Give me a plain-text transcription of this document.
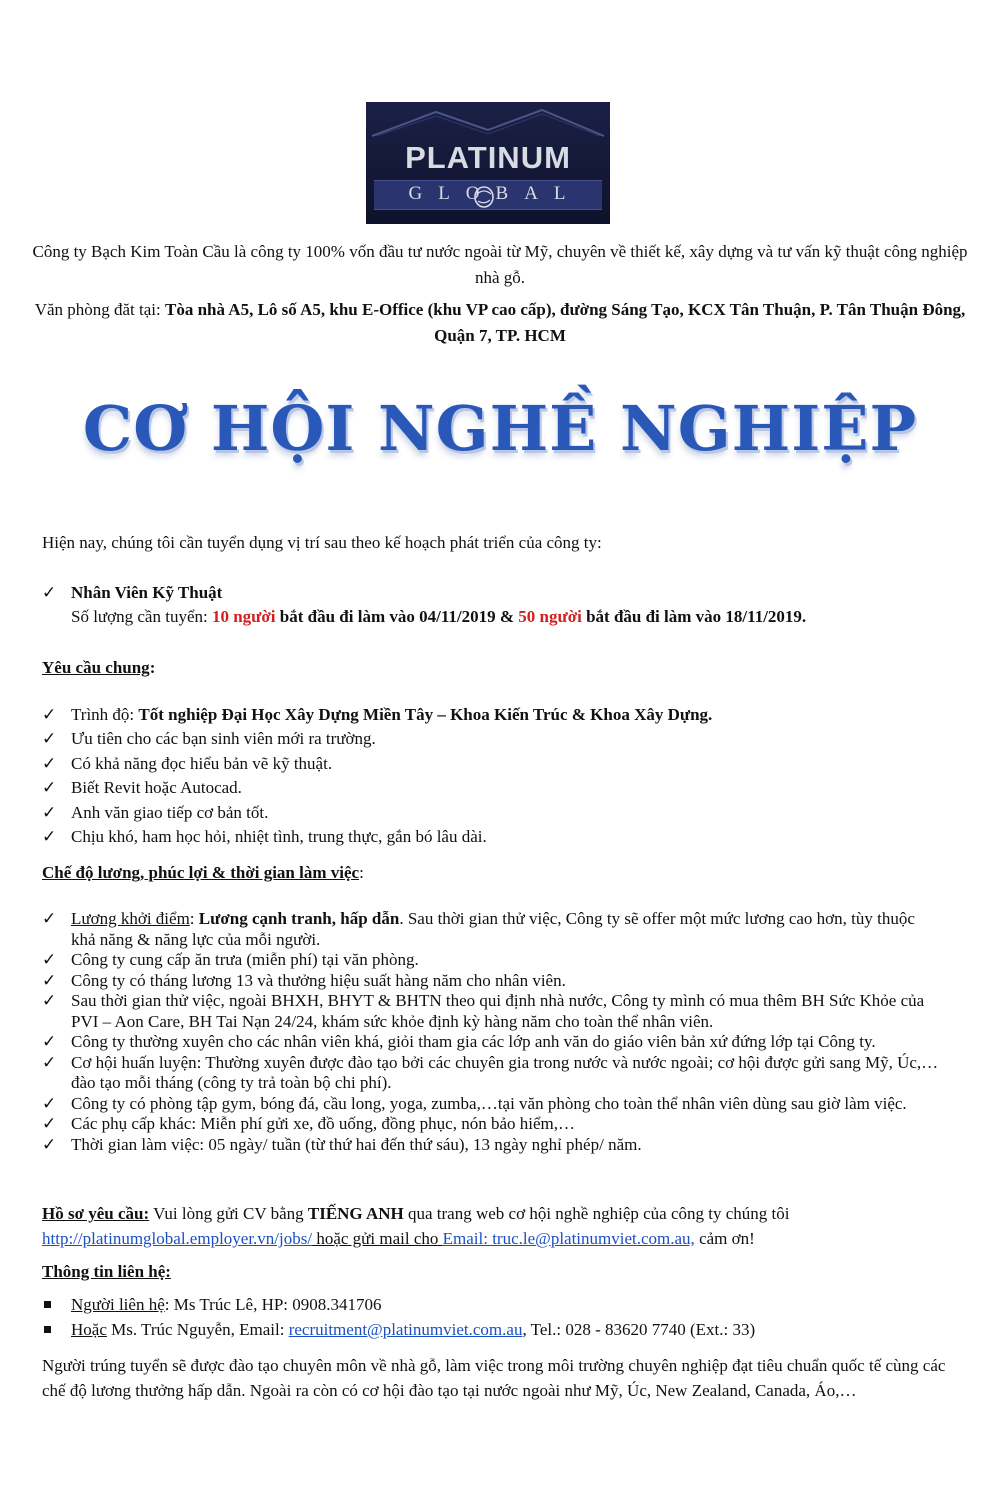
PLATINUM
GLOBAL

Công ty Bạch Kim Toàn Cầu là công ty 100% vốn đầu tư nước ngoài từ Mỹ, chuyên về thiết kế, xây dựng và tư vấn kỹ thuật công nghiệp nhà gỗ.

Văn phòng đăt tại: Tòa nhà A5, Lô số A5, khu E-Office (khu VP cao cấp), đường Sáng Tạo, KCX Tân Thuận, P. Tân Thuận Đông, Quận 7, TP. HCM

CƠ HỘI NGHỀ NGHIỆP

Hiện nay, chúng tôi cần tuyển dụng vị trí sau theo kế hoạch phát triển của công ty:

✓ Nhân Viên Kỹ Thuật
Số lượng cần tuyển: 10 người bắt đầu đi làm vào 04/11/2019 & 50 người bắt đầu đi làm vào 18/11/2019.

Yêu cầu chung:

✓ Trình độ: Tốt nghiệp Đại Học Xây Dựng Miền Tây – Khoa Kiến Trúc & Khoa Xây Dựng.
✓ Ưu tiên cho các bạn sinh viên mới ra trường.
✓ Có khả năng đọc hiểu bản vẽ kỹ thuật.
✓ Biết Revit hoặc Autocad.
✓ Anh văn giao tiếp cơ bản tốt.
✓ Chịu khó, ham học hỏi, nhiệt tình, trung thực, gắn bó lâu dài.

Chế độ lương, phúc lợi & thời gian làm việc:

✓ Lương khởi điểm: Lương cạnh tranh, hấp dẫn. Sau thời gian thử việc, Công ty sẽ offer một mức lương cao hơn, tùy thuộc khả năng & năng lực của mỗi người.
✓ Công ty cung cấp ăn trưa (miễn phí) tại văn phòng.
✓ Công ty có tháng lương 13 và thưởng hiệu suất hàng năm cho nhân viên.
✓ Sau thời gian thử việc, ngoài BHXH, BHYT & BHTN theo qui định nhà nước, Công ty mình có mua thêm BH Sức Khỏe của PVI – Aon Care, BH Tai Nạn 24/24, khám sức khỏe định kỳ hàng năm cho toàn thể nhân viên.
✓ Công ty thường xuyên cho các nhân viên khá, giỏi tham gia các lớp anh văn do giáo viên bản xứ đứng lớp tại Công ty.
✓ Cơ hội huấn luyện: Thường xuyên được đào tạo bởi các chuyên gia trong nước và nước ngoài; cơ hội được gửi sang Mỹ, Úc,… đào tạo mỗi tháng (công ty trả toàn bộ chi phí).
✓ Công ty có phòng tập gym, bóng đá, cầu long, yoga, zumba,…tại văn phòng cho toàn thể nhân viên dùng sau giờ làm việc.
✓ Các phụ cấp khác: Miễn phí gửi xe, đồ uống, đồng phục, nón bảo hiểm,…
✓ Thời gian làm việc: 05 ngày/ tuần (từ thứ hai đến thứ sáu), 13 ngày nghỉ phép/ năm.

Hồ sơ yêu cầu: Vui lòng gửi CV bằng TIẾNG ANH qua trang web cơ hội nghề nghiệp của công ty chúng tôi
http://platinumglobal.employer.vn/jobs/ hoặc gửi mail cho Email: truc.le@platinumviet.com.au, cảm ơn!

Thông tin liên hệ:

Người liên hệ: Ms Trúc Lê, HP: 0908.341706
Hoặc Ms. Trúc Nguyễn, Email: recruitment@platinumviet.com.au, Tel.: 028 - 83620 7740 (Ext.: 33)

Người trúng tuyển sẽ được đào tạo chuyên môn về nhà gỗ, làm việc trong môi trường chuyên nghiệp đạt tiêu chuẩn quốc tế cùng các chế độ lương thưởng hấp dẫn. Ngoài ra còn có cơ hội đào tạo tại nước ngoài như Mỹ, Úc, New Zealand, Canada, Áo,…
